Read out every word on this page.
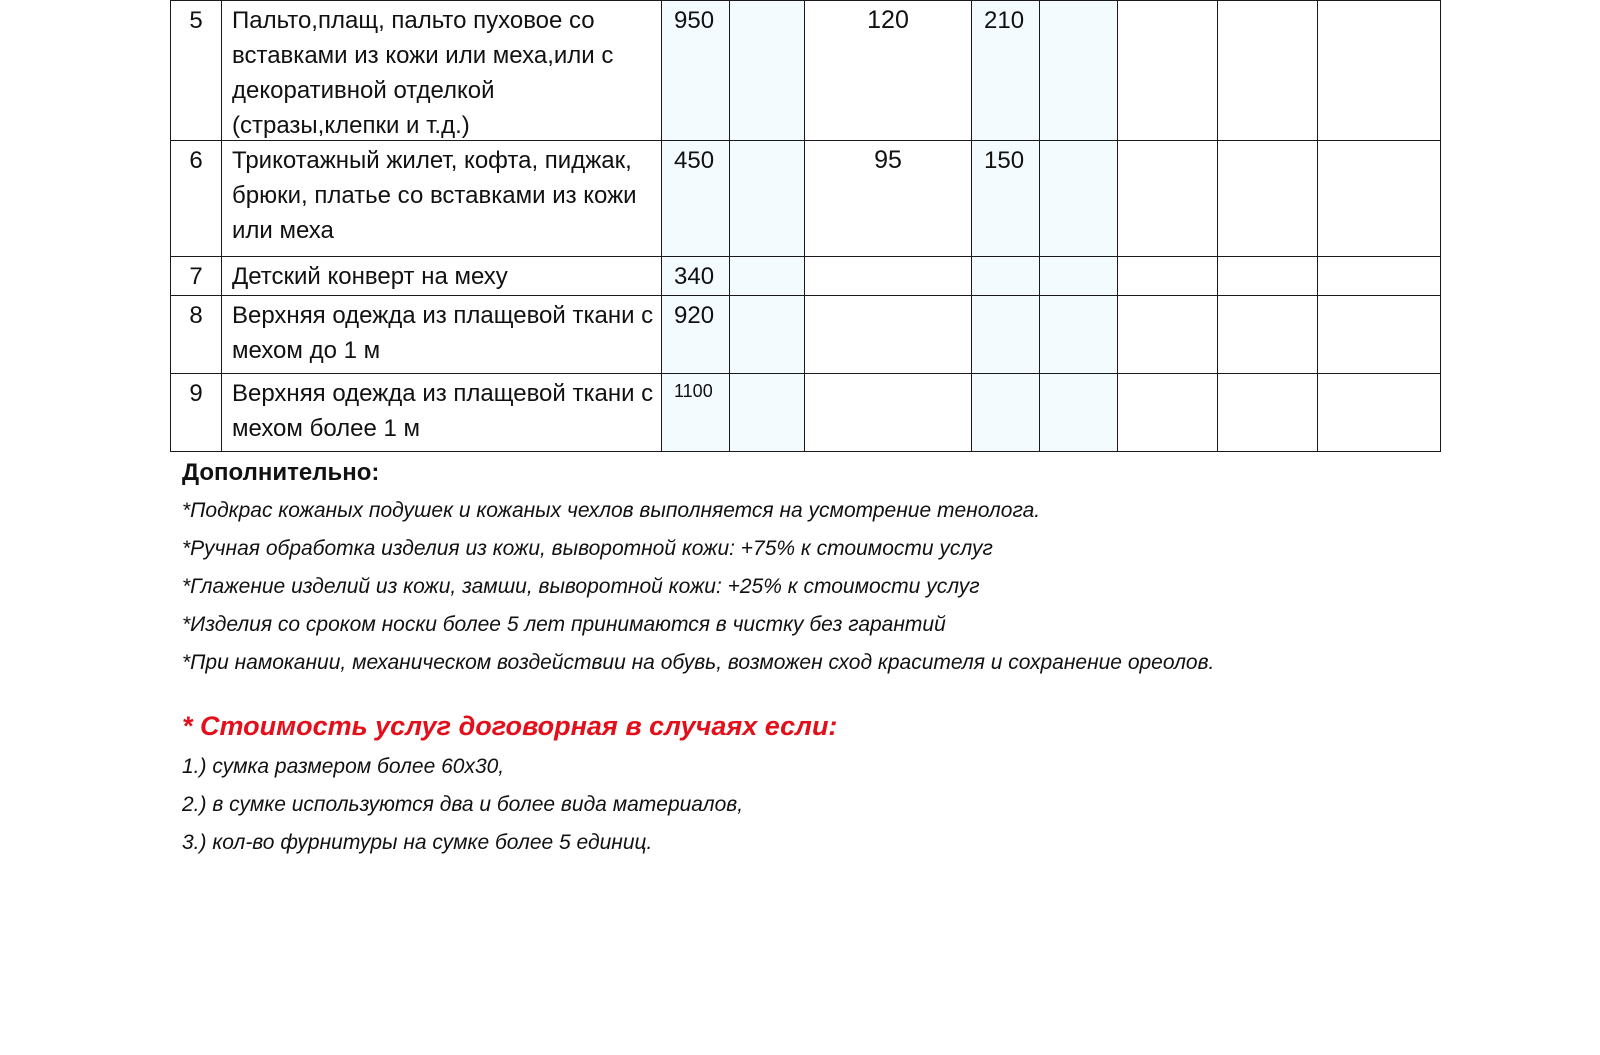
5	Пальто,плащ, пальто пуховое со вставками из кожи или меха,или с декоративной отделкой (стразы,клепки и т.д.)	950		120	210				
6	Трикотажный жилет, кофта, пиджак, брюки, платье со вставками из кожи или меха	450		95	150				
7	Детский конверт на меху	340							
8	Верхняя одежда из плащевой ткани с мехом до 1 м	920							
9	Верхняя одежда из плащевой ткани с мехом более 1 м	1100							

Дополнительно:

*Подкрас кожаных подушек и кожаных чехлов выполняется на усмотрение тенолога.
*Ручная обработка изделия из кожи, выворотной кожи: +75% к стоимости услуг
*Глажение изделий из кожи, замши, выворотной кожи: +25% к стоимости услуг
*Изделия со сроком носки более 5 лет принимаются в чистку без гарантий
*При намокании, механическом воздействии на обувь, возможен сход красителя и сохранение ореолов.

* Стоимость услуг договорная в случаях если:

1.) сумка размером более 60х30,
2.) в сумке используются два и более вида материалов,
3.) кол-во фурнитуры на сумке более 5 единиц.
